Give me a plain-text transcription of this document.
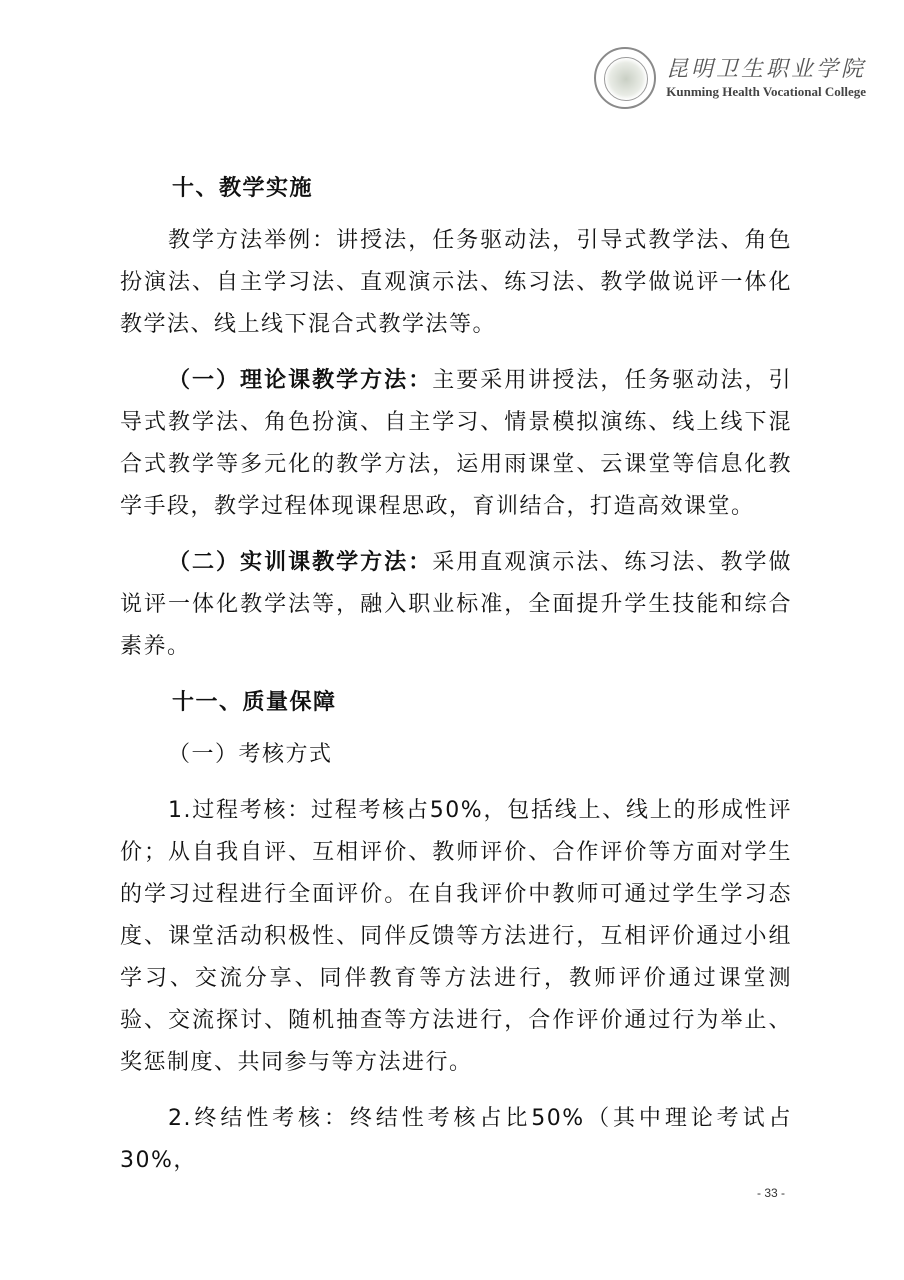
昆明卫生职业学院
Kunming Health Vocational College

十、教学实施

教学方法举例：讲授法，任务驱动法，引导式教学法、角色扮演法、自主学习法、直观演示法、练习法、教学做说评一体化教学法、线上线下混合式教学法等。

（一）理论课教学方法：主要采用讲授法，任务驱动法，引导式教学法、角色扮演、自主学习、情景模拟演练、线上线下混合式教学等多元化的教学方法，运用雨课堂、云课堂等信息化教学手段，教学过程体现课程思政，育训结合，打造高效课堂。

（二）实训课教学方法：采用直观演示法、练习法、教学做说评一体化教学法等，融入职业标准，全面提升学生技能和综合素养。

十一、质量保障

（一）考核方式

1.过程考核：过程考核占50%，包括线上、线上的形成性评价；从自我自评、互相评价、教师评价、合作评价等方面对学生的学习过程进行全面评价。在自我评价中教师可通过学生学习态度、课堂活动积极性、同伴反馈等方法进行，互相评价通过小组学习、交流分享、同伴教育等方法进行，教师评价通过课堂测验、交流探讨、随机抽查等方法进行，合作评价通过行为举止、奖惩制度、共同参与等方法进行。

2.终结性考核：终结性考核占比50%（其中理论考试占30%，

- 33 -
